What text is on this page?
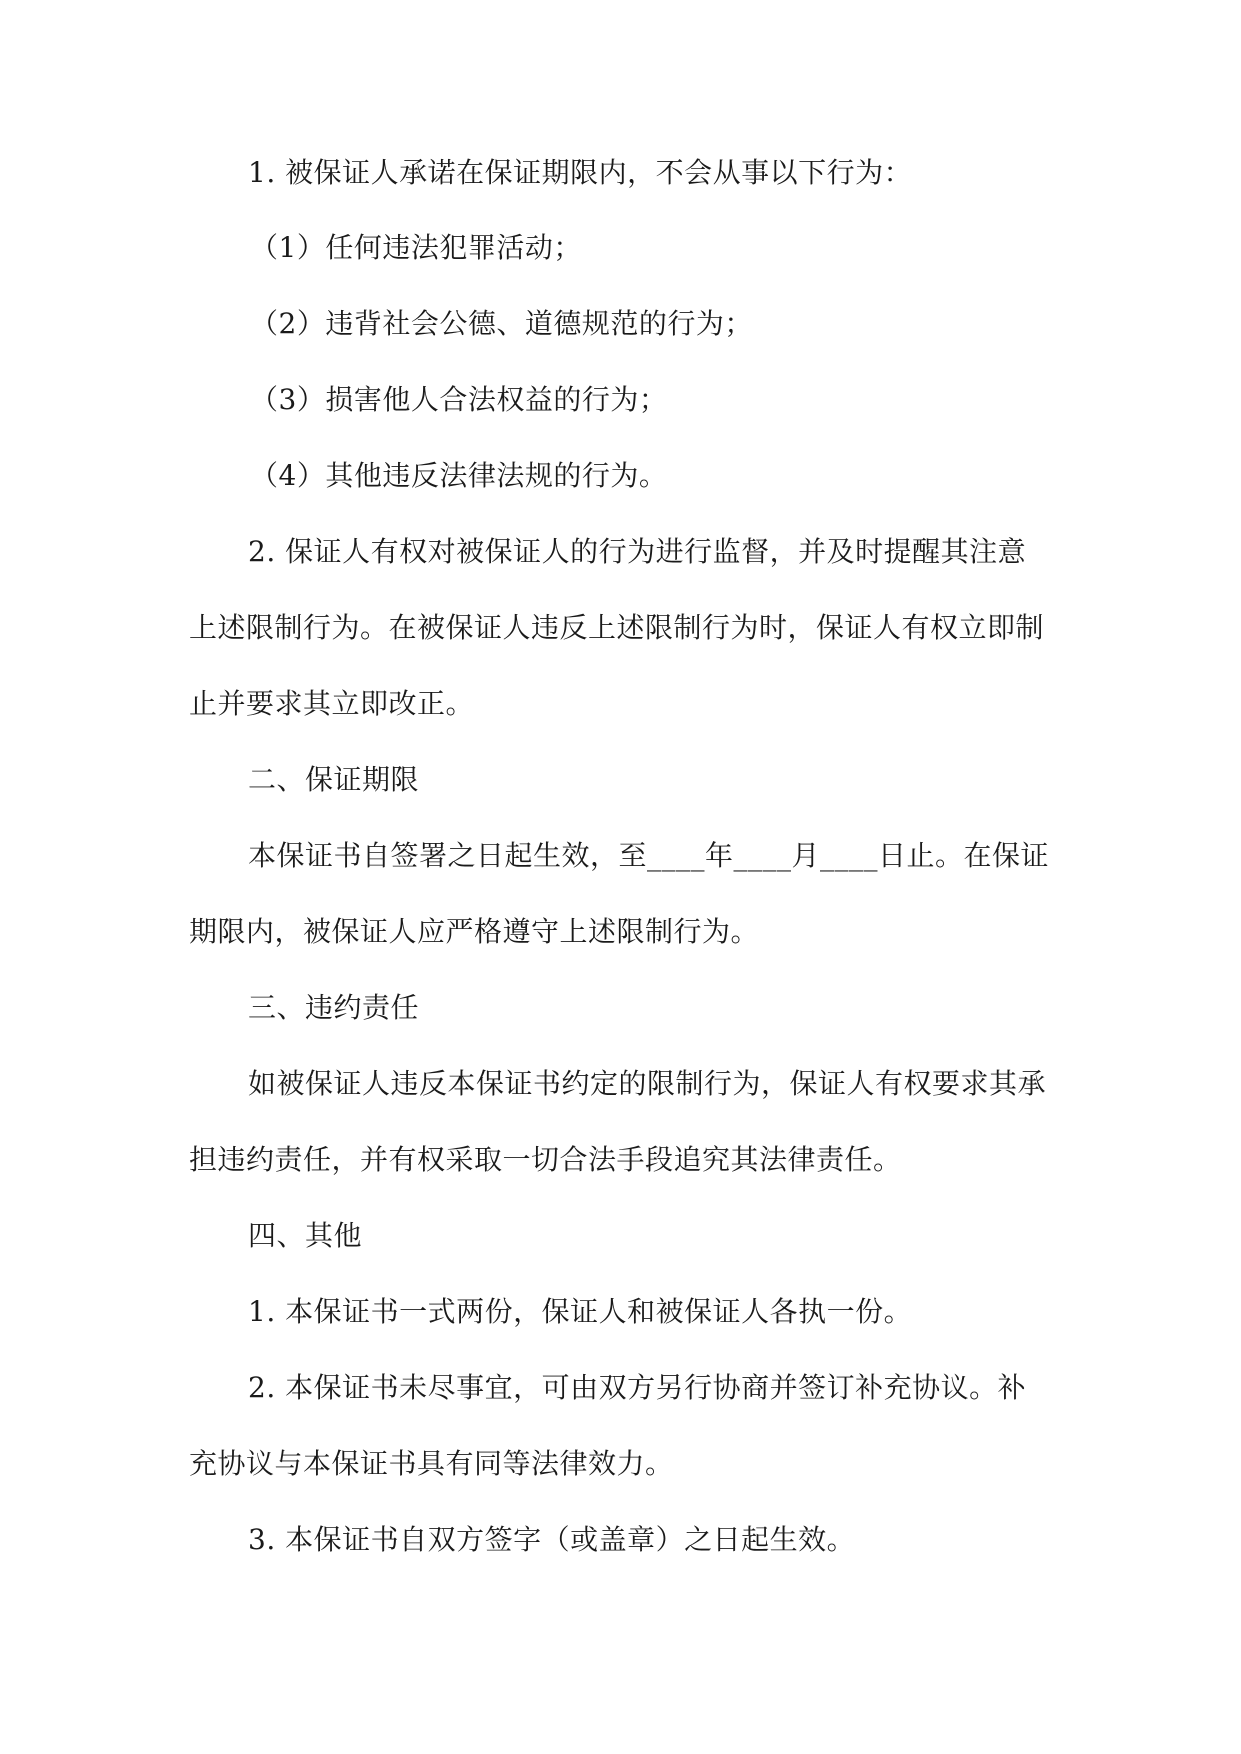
1. 被保证人承诺在保证期限内，不会从事以下行为：
（1）任何违法犯罪活动；
（2）违背社会公德、道德规范的行为；
（3）损害他人合法权益的行为；
（4）其他违反法律法规的行为。
2. 保证人有权对被保证人的行为进行监督，并及时提醒其注意
上述限制行为。在被保证人违反上述限制行为时，保证人有权立即制
止并要求其立即改正。
二、保证期限
本保证书自签署之日起生效，至____年____月____日止。在保证
期限内，被保证人应严格遵守上述限制行为。
三、违约责任
如被保证人违反本保证书约定的限制行为，保证人有权要求其承
担违约责任，并有权采取一切合法手段追究其法律责任。
四、其他
1. 本保证书一式两份，保证人和被保证人各执一份。
2. 本保证书未尽事宜，可由双方另行协商并签订补充协议。补
充协议与本保证书具有同等法律效力。
3. 本保证书自双方签字（或盖章）之日起生效。
